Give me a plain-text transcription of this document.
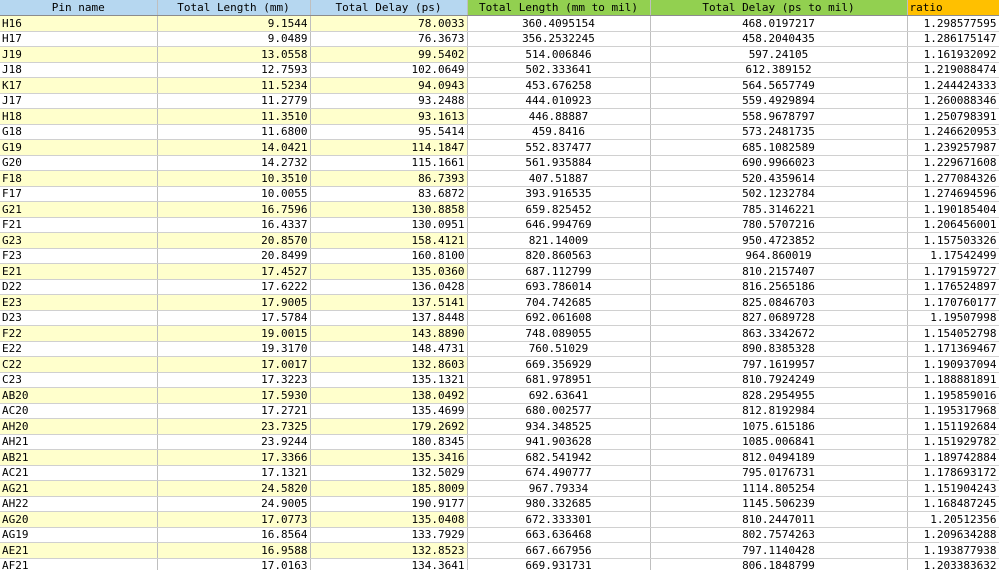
Pin name	Total Length (mm)	Total Delay (ps)	Total Length (mm to mil)	Total Delay (ps to mil)	ratio
H16	9.1544	78.0033	360.4095154	468.0197217	1.298577595
H17	9.0489	76.3673	356.2532245	458.2040435	1.286175147
J19	13.0558	99.5402	514.006846	597.24105	1.161932092
J18	12.7593	102.0649	502.333641	612.389152	1.219088474
K17	11.5234	94.0943	453.676258	564.5657749	1.244424333
J17	11.2779	93.2488	444.010923	559.4929894	1.260088346
H18	11.3510	93.1613	446.88887	558.9678797	1.250798391
G18	11.6800	95.5414	459.8416	573.2481735	1.246620953
G19	14.0421	114.1847	552.837477	685.1082589	1.239257987
G20	14.2732	115.1661	561.935884	690.9966023	1.229671608
F18	10.3510	86.7393	407.51887	520.4359614	1.277084326
F17	10.0055	83.6872	393.916535	502.1232784	1.274694596
G21	16.7596	130.8858	659.825452	785.3146221	1.190185404
F21	16.4337	130.0951	646.994769	780.5707216	1.206456001
G23	20.8570	158.4121	821.14009	950.4723852	1.157503326
F23	20.8499	160.8100	820.860563	964.860019	1.17542499
E21	17.4527	135.0360	687.112799	810.2157407	1.179159727
D22	17.6222	136.0428	693.786014	816.2565186	1.176524897
E23	17.9005	137.5141	704.742685	825.0846703	1.170760177
D23	17.5784	137.8448	692.061608	827.0689728	1.19507998
F22	19.0015	143.8890	748.089055	863.3342672	1.154052798
E22	19.3170	148.4731	760.51029	890.8385328	1.171369467
C22	17.0017	132.8603	669.356929	797.1619957	1.190937094
C23	17.3223	135.1321	681.978951	810.7924249	1.188881891
AB20	17.5930	138.0492	692.63641	828.2954955	1.195859016
AC20	17.2721	135.4699	680.002577	812.8192984	1.195317968
AH20	23.7325	179.2692	934.348525	1075.615186	1.151192684
AH21	23.9244	180.8345	941.903628	1085.006841	1.151929782
AB21	17.3366	135.3416	682.541942	812.0494189	1.189742884
AC21	17.1321	132.5029	674.490777	795.0176731	1.178693172
AG21	24.5820	185.8009	967.79334	1114.805254	1.151904243
AH22	24.9005	190.9177	980.332685	1145.506239	1.168487245
AG20	17.0773	135.0408	672.333301	810.2447011	1.20512356
AG19	16.8564	133.7929	663.636468	802.7574263	1.209634288
AE21	16.9588	132.8523	667.667956	797.1140428	1.193877938
AF21	17.0163	134.3641	669.931731	806.1848799	1.203383632
